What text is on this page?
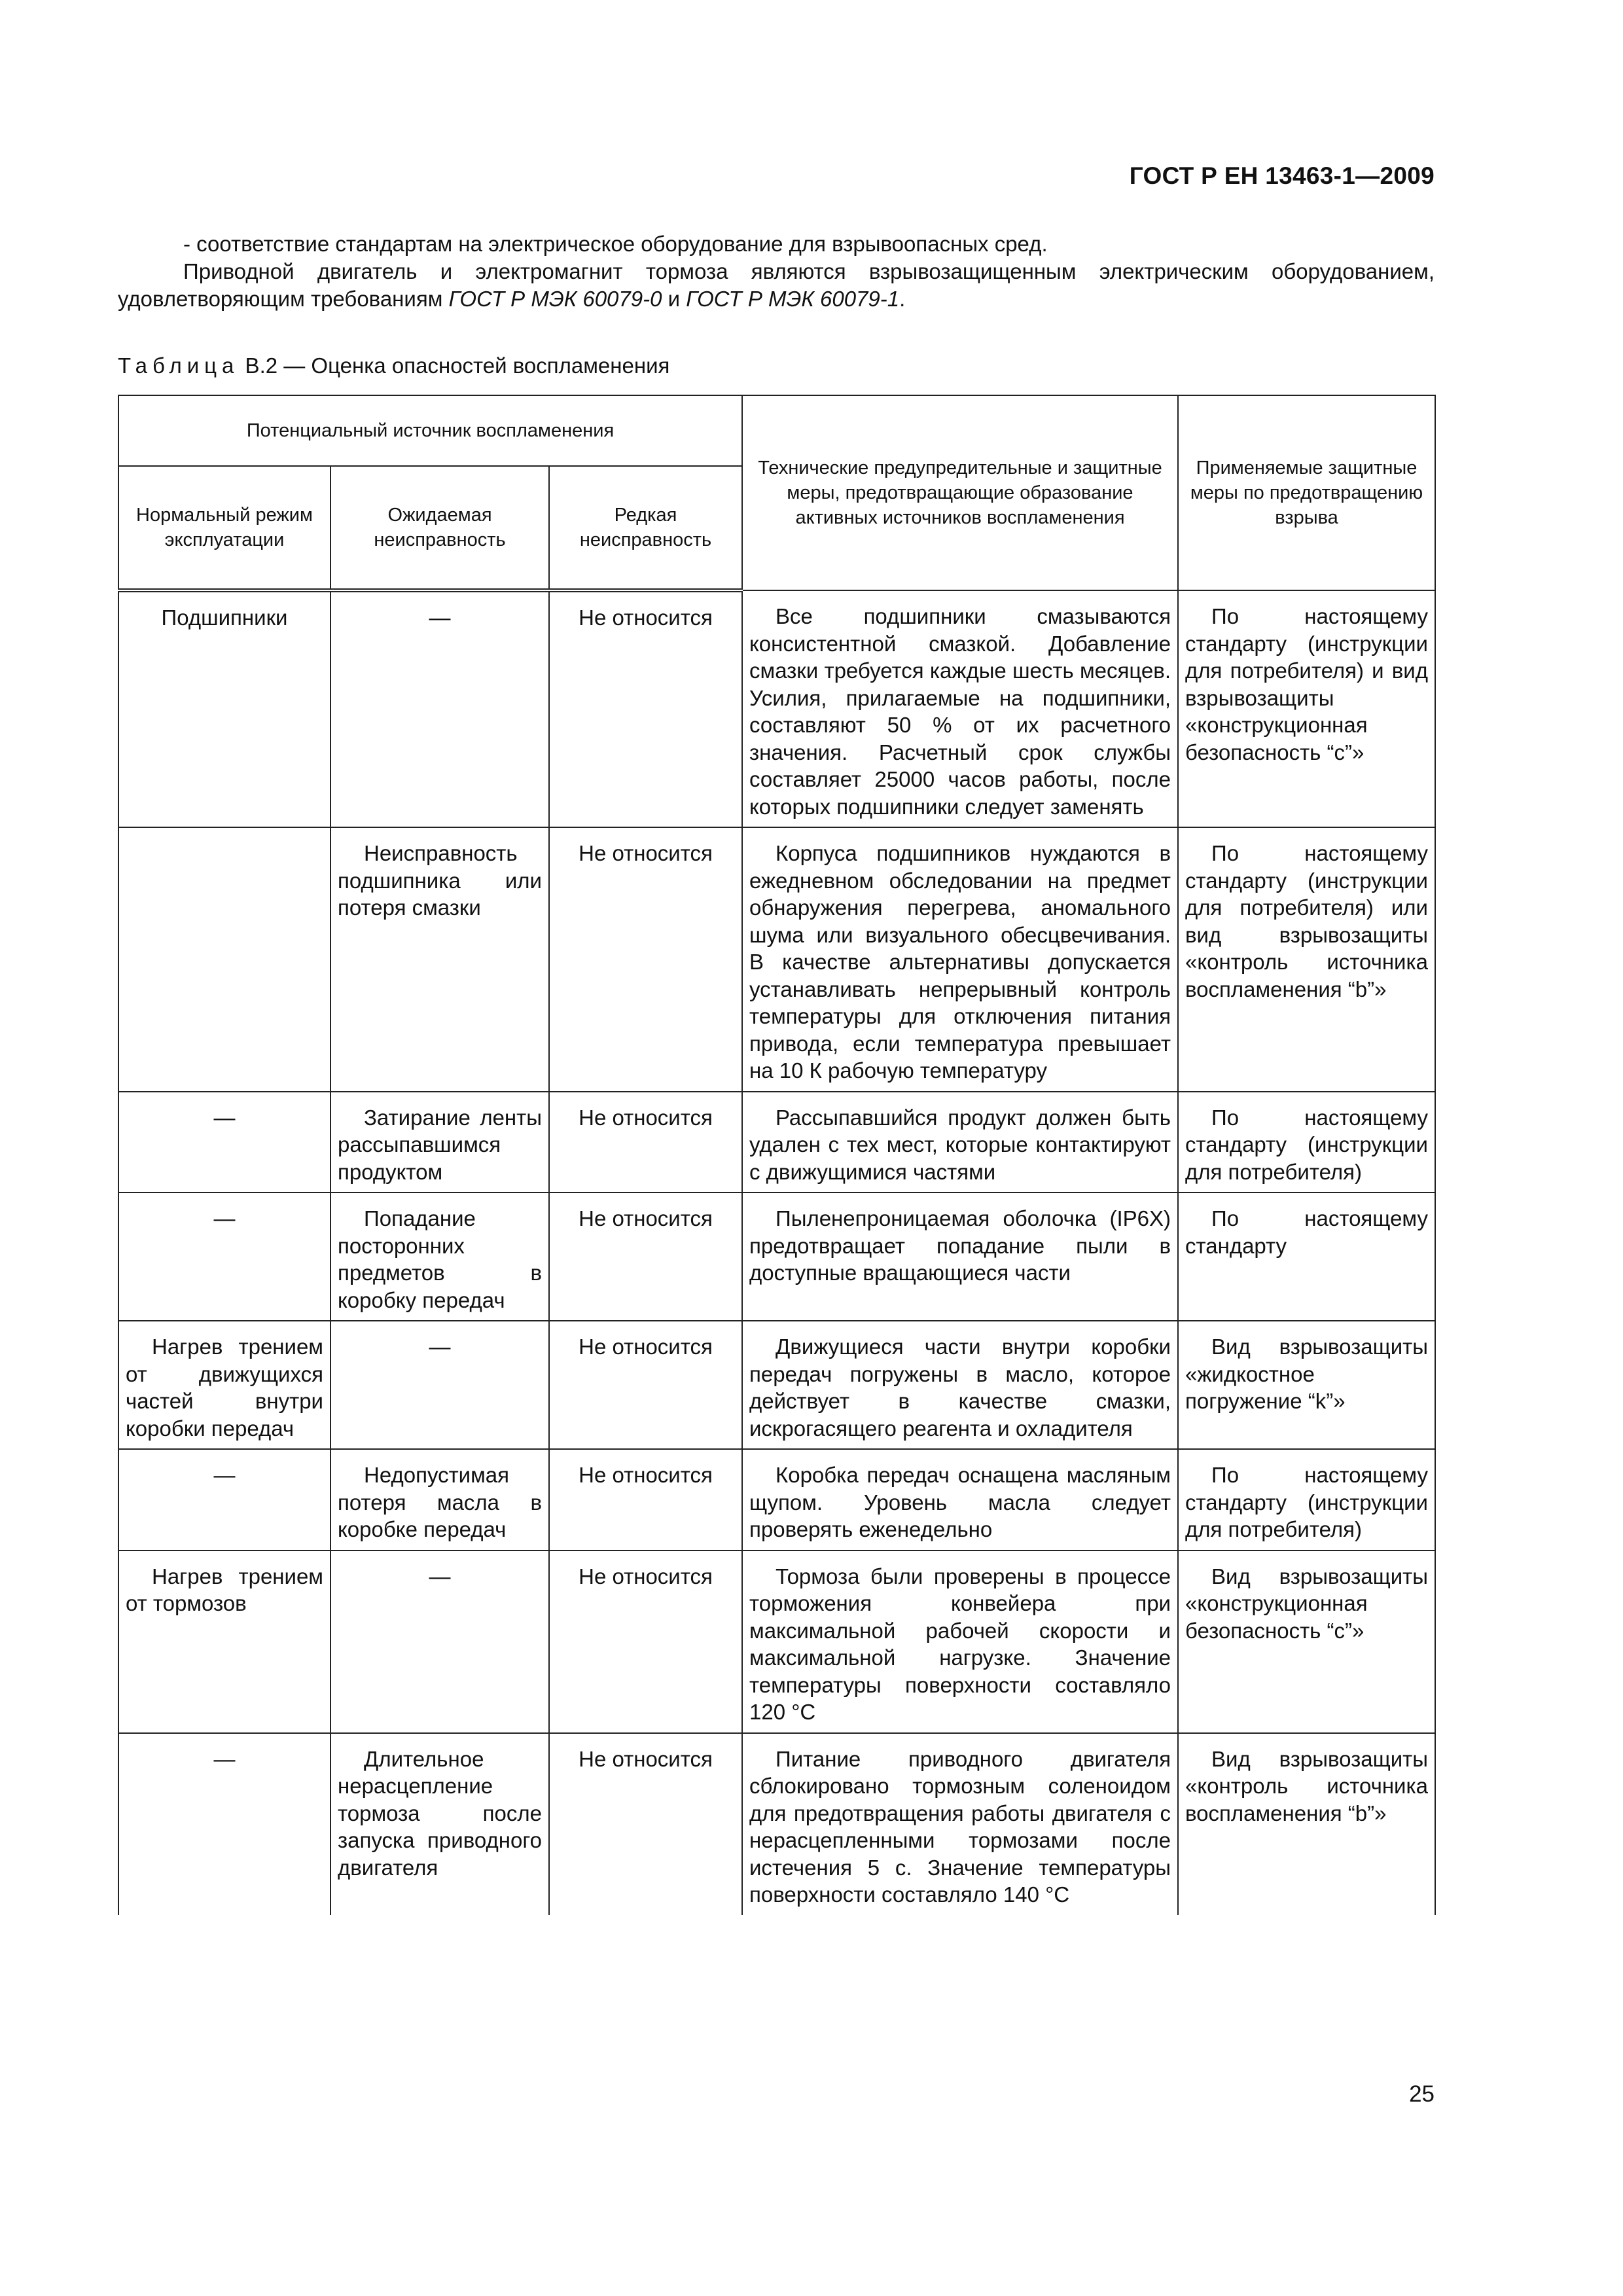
ГОСТ Р ЕН 13463-1—2009

- соответствие стандартам на электрическое оборудование для взрывоопасных сред.

Приводной двигатель и электромагнит тормоза являются взрывозащищенным электрическим оборудованием, удовлетворяющим требованиям ГОСТ Р МЭК 60079-0 и ГОСТ Р МЭК 60079-1.

Таблица В.2 — Оценка опасностей воспламенения
Потенциальный источник воспламенения			Технические предупредительные и защитные меры, предотвращающие образование активных источников воспламенения	Применяемые защитные меры по предотвращению взрыва
Нормальный режим эксплуатации	Ожидаемая неисправность	Редкая неисправность		
Подшипники	—	Не относится	Все подшипники смазываются консистентной смазкой. Добавление смазки требуется каждые шесть месяцев. Усилия, прилагаемые на подшипники, составляют 50 % от их расчетного значения. Расчетный срок службы составляет 25000 часов работы, после которых подшипники следует заменять	По настоящему стандарту (инструкции для потребителя) и вид взрывозащиты «конструкционная безопасность “c”»
	Неисправность подшипника или потеря смазки	Не относится	Корпуса подшипников нуждаются в ежедневном обследовании на предмет обнаружения перегрева, аномального шума или визуального обесцвечивания. В качестве альтернативы допускается устанавливать непрерывный контроль температуры для отключения питания привода, если температура превышает на 10 К рабочую температуру	По настоящему стандарту (инструкции для потребителя) или вид взрывозащиты «контроль источника воспламенения “b”»
—	Затирание ленты рассыпавшимся продуктом	Не относится	Рассыпавшийся продукт должен быть удален с тех мест, которые контактируют с движущимися частями	По настоящему стандарту (инструкции для потребителя)
—	Попадание посторонних предметов в коробку передач	Не относится	Пыленепроницаемая оболочка (IP6X) предотвращает попадание пыли в доступные вращающиеся части	По настоящему стандарту
Нагрев трением от движущихся частей внутри коробки передач	—	Не относится	Движущиеся части внутри коробки передач погружены в масло, которое действует в качестве смазки, искрогасящего реагента и охладителя	Вид взрывозащиты «жидкостное погружение “k”»
—	Недопустимая потеря масла в коробке передач	Не относится	Коробка передач оснащена масляным щупом. Уровень масла следует проверять еженедельно	По настоящему стандарту (инструкции для потребителя)
Нагрев трением от тормозов	—	Не относится	Тормоза были проверены в процессе торможения конвейера при максимальной рабочей скорости и максимальной нагрузке. Значение температуры поверхности составляло 120 °С	Вид взрывозащиты «конструкционная безопасность “c”»
—	Длительное нерасцепление тормоза после запуска приводного двигателя	Не относится	Питание приводного двигателя сблокировано тормозным соленоидом для предотвращения работы двигателя с нерасцепленными тормозами после истечения 5 с. Значение температуры поверхности составляло 140 °С	Вид взрывозащиты «контроль источника воспламенения “b”»
25
